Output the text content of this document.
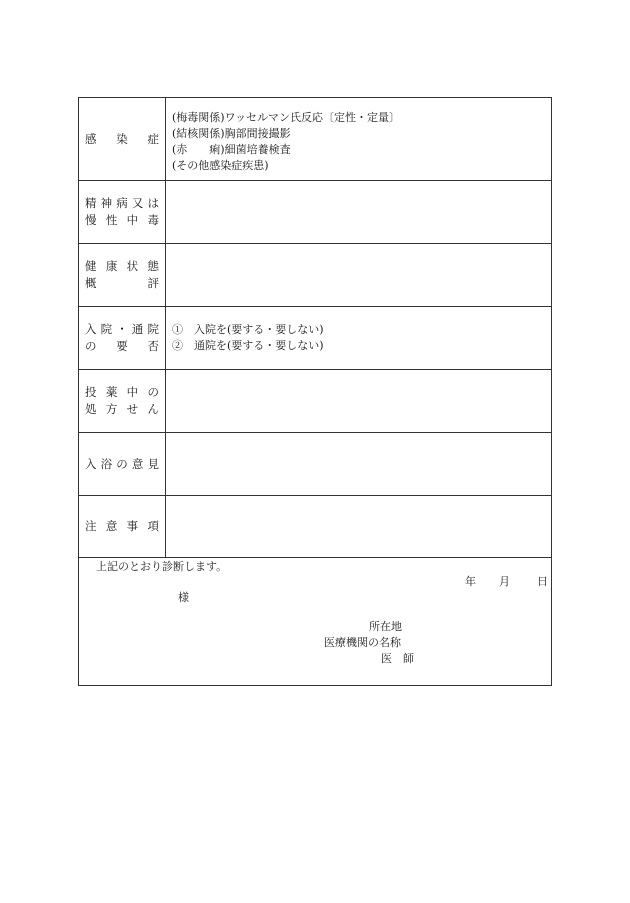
感 染 症
(梅毒関係)ワッセルマン氏反応〔定性・定量〕
(結核関係)胸部間接撮影
(赤　　痢)細菌培養検査
(その他感染症疾患)
精 神 病 又 は
慢 性 中 毒
健 康 状 態
概	評
入 院 ・ 通 院
の 要 否
①　入院を(要する・要しない)
②　通院を(要する・要しない)
投 薬 中 の
処 方 せ ん
入 浴 の 意 見
注 意 事 項
上記のとおり診断します。
年 月 日
様
所在地
医療機関の名称
医　師
